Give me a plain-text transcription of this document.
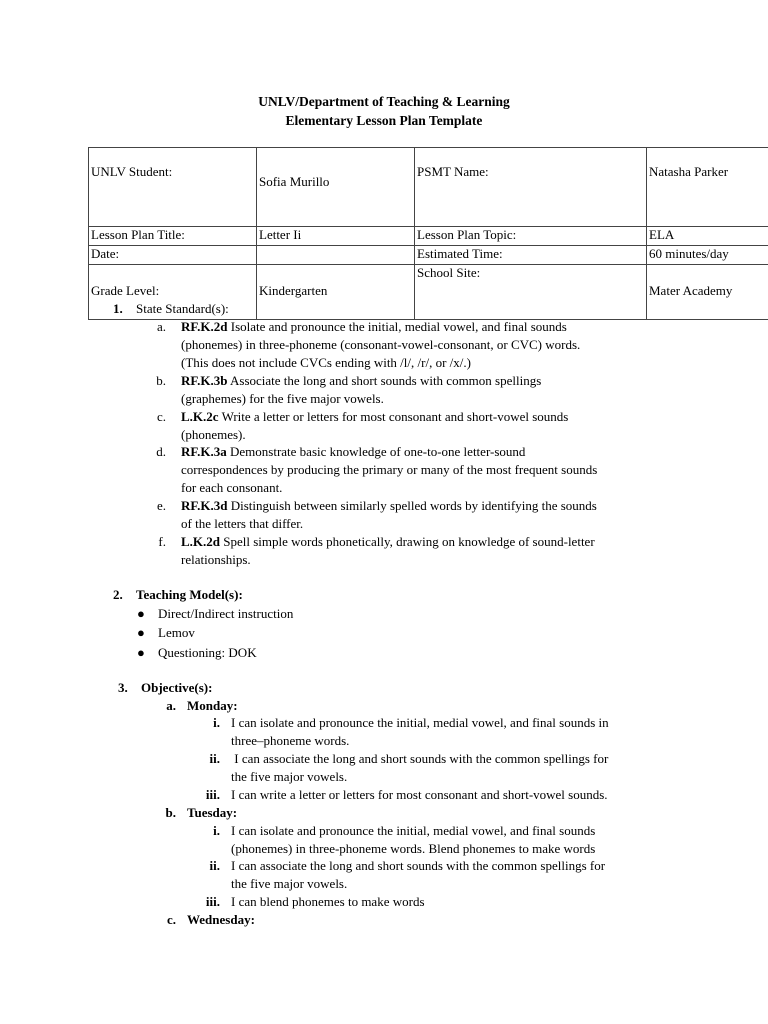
UNLV/Department of Teaching & Learning
Elementary Lesson Plan Template
UNLV Student:	Sofia Murillo	PSMT Name:	Natasha Parker
Lesson Plan Title:	Letter Ii	Lesson Plan Topic:	ELA
Date:		Estimated Time:	60 minutes/day
Grade Level:	Kindergarten	School Site:	Mater Academy
1. State Standard(s):
a. RF.K.2d Isolate and pronounce the initial, medial vowel, and final sounds
(phonemes) in three-phoneme (consonant-vowel-consonant, or CVC) words.
(This does not include CVCs ending with /l/, /r/, or /x/.)
b. RF.K.3b Associate the long and short sounds with common spellings
(graphemes) for the five major vowels.
c. L.K.2c Write a letter or letters for most consonant and short-vowel sounds
(phonemes).
d. RF.K.3a Demonstrate basic knowledge of one-to-one letter-sound
correspondences by producing the primary or many of the most frequent sounds
for each consonant.
e. RF.K.3d Distinguish between similarly spelled words by identifying the sounds
of the letters that differ.
f. L.K.2d Spell simple words phonetically, drawing on knowledge of sound-letter
relationships.
2. Teaching Model(s):
● Direct/Indirect instruction
● Lemov
● Questioning: DOK
3. Objective(s):
a. Monday:
i. I can isolate and pronounce the initial, medial vowel, and final sounds in
three–phoneme words.
ii. I can associate the long and short sounds with the common spellings for
the five major vowels.
iii. I can write a letter or letters for most consonant and short-vowel sounds.
b. Tuesday:
i. I can isolate and pronounce the initial, medial vowel, and final sounds
(phonemes) in three-phoneme words. Blend phonemes to make words
ii. I can associate the long and short sounds with the common spellings for
the five major vowels.
iii. I can blend phonemes to make words
c. Wednesday:
